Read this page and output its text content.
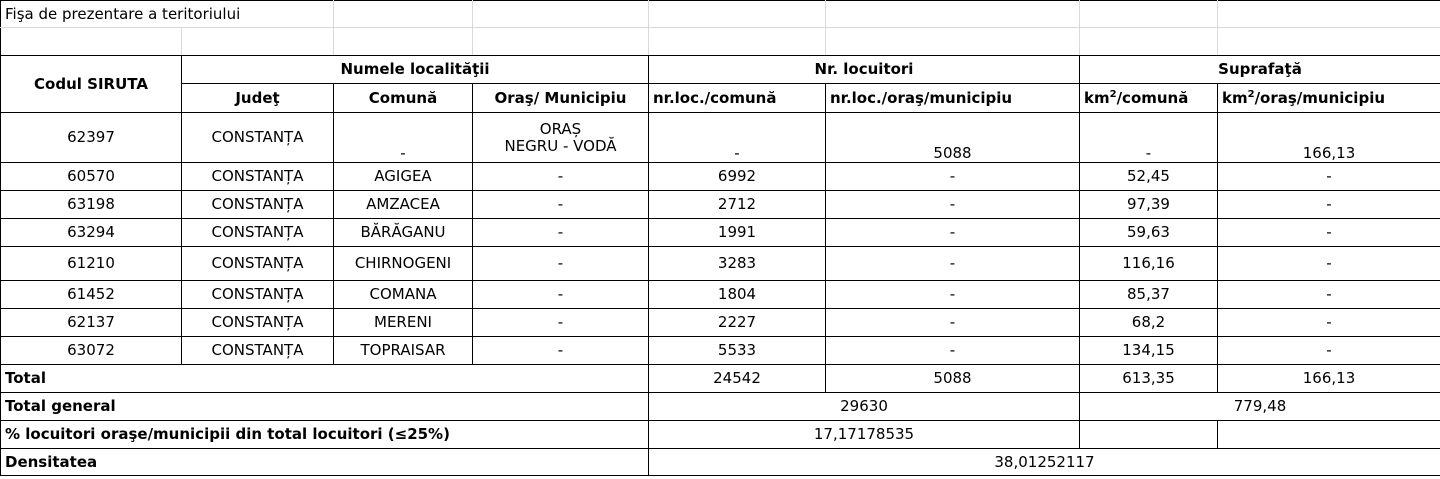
Fişa de prezentare a teritoriului							

Codul SIRUTA	Numele localităţii			Nr. locuitori		Suprafaţă	
	Judeţ	Comună	Oraş/ Municipiu	nr.loc./comună	nr.loc./oraş/municipiu	$km^2$/comună	$km^2/oraş$/municipiu
62397	CONSTANȚA	-	ORAȘ
NEGRU - VODĂ	-	5088	-	166,13
60570	CONSTANȚA	AGIGEA	-	6992	-	52,45	-
63198	CONSTANȚA	AMZACEA	-	2712	-	97,39	-
63294	CONSTANȚA	BĂRĂGANU	-	1991	-	59,63	-
61210	CONSTANȚA	CHIRNOGENI	-	3283	-	116,16	-
61452	CONSTANȚA	COMANA	-	1804	-	85,37	-
62137	CONSTANȚA	MERENI	-	2227	-	68,2	-
63072	CONSTANȚA	TOPRAISAR	-	5533	-	134,15	-
Total				24542	5088	613,35	166,13
Total general				29630		779,48	
% locuitori oraşe/municipii din total locuitori (≤25%)				17,17178535			
Densitatea				38,01252117			
